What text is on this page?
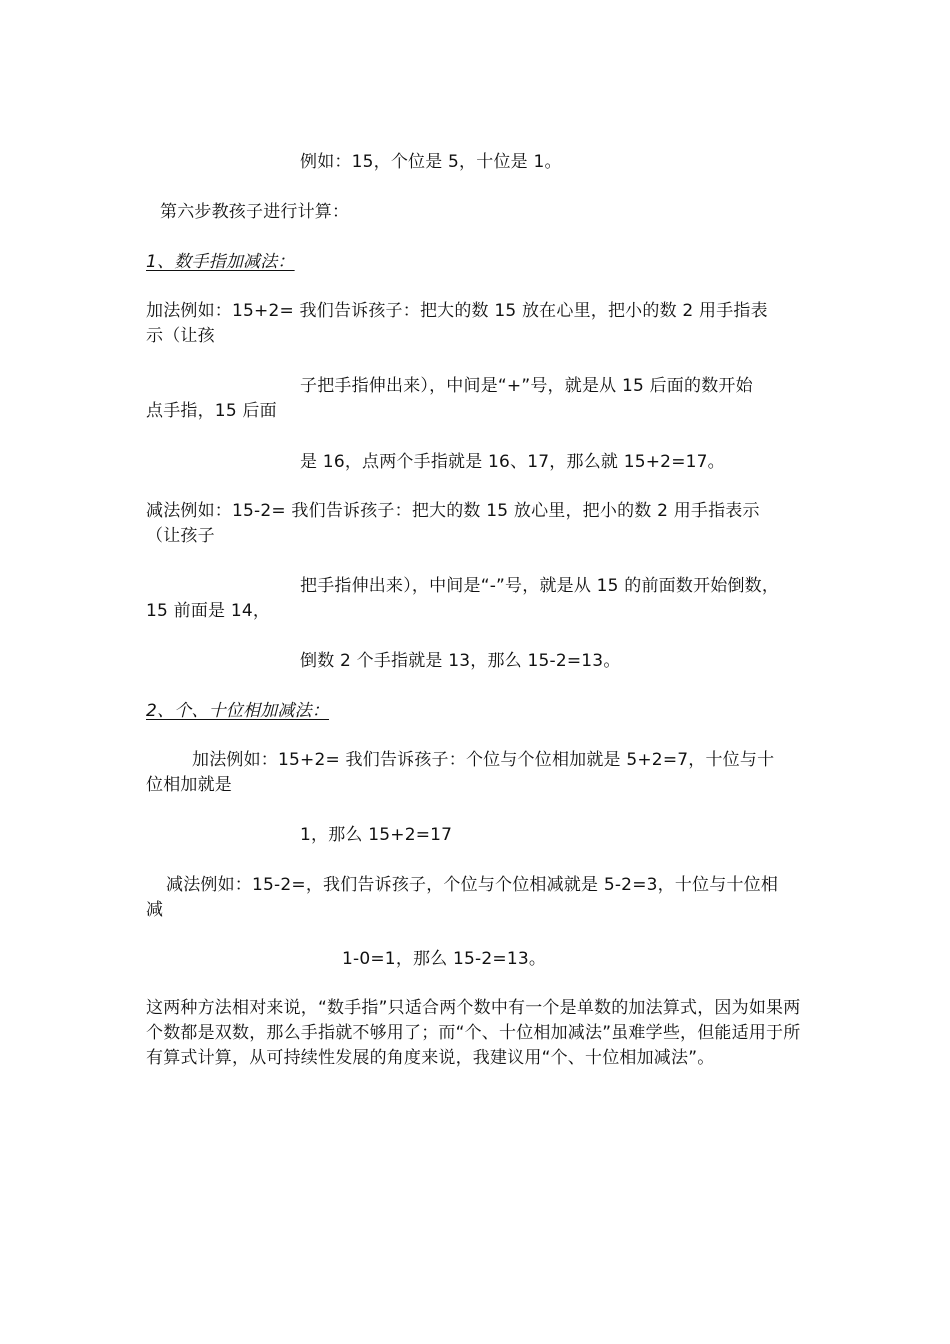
例如：15，个位是 5，十位是 1。
第六步教孩子进行计算：
1、数手指加减法：
加法例如：15+2= 我们告诉孩子：把大的数 15 放在心里，把小的数 2 用手指表
示（让孩
子把手指伸出来），中间是“+”号，就是从 15 后面的数开始
点手指，15 后面
是 16，点两个手指就是 16、17，那么就 15+2=17。
减法例如：15-2= 我们告诉孩子：把大的数 15 放心里，把小的数 2 用手指表示
（让孩子
把手指伸出来），中间是“-”号，就是从 15 的前面数开始倒数，
15 前面是 14，
倒数 2 个手指就是 13，那么 15-2=13。
2、个、十位相加减法：
加法例如：15+2= 我们告诉孩子：个位与个位相加就是 5+2=7，十位与十
位相加就是
1，那么 15+2=17
减法例如：15-2=，我们告诉孩子，个位与个位相减就是 5-2=3，十位与十位相
减
1-0=1，那么 15-2=13。
这两种方法相对来说，“数手指”只适合两个数中有一个是单数的加法算式，因为如果两个数都是双数，那么手指就不够用了；而“个、十位相加减法”虽难学些，但能适用于所有算式计算，从可持续性发展的角度来说，我建议用“个、十位相加减法”。
